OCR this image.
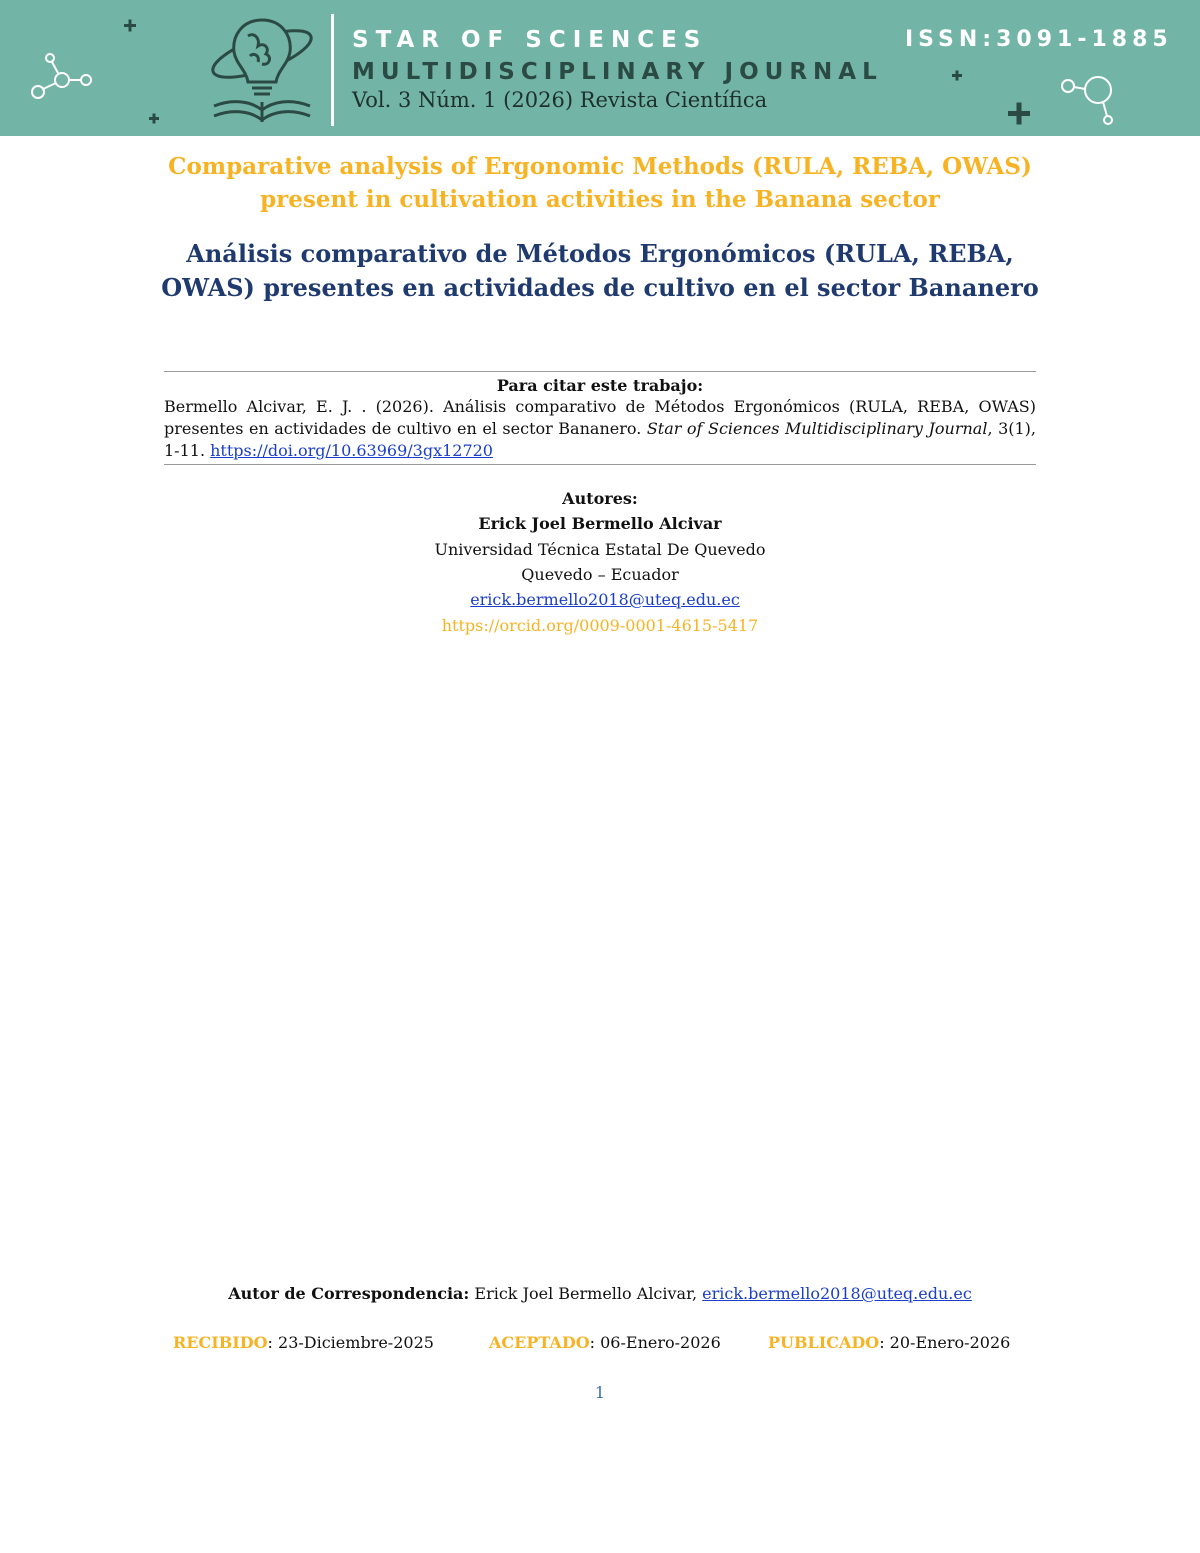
STAR OF SCIENCES
MULTIDISCIPLINARY JOURNAL
Vol. 3 Núm. 1 (2026) Revista Científica
ISSN:3091-1885
Comparative analysis of Ergonomic Methods (RULA, REBA, OWAS) present in cultivation activities in the Banana sector
Análisis comparativo de Métodos Ergonómicos (RULA, REBA, OWAS) presentes en actividades de cultivo en el sector Bananero
Para citar este trabajo:
Bermello Alcivar, E. J. . (2026). Análisis comparativo de Métodos Ergonómicos (RULA, REBA, OWAS) presentes en actividades de cultivo en el sector Bananero. Star of Sciences Multidisciplinary Journal, 3(1), 1-11. https://doi.org/10.63969/3gx12720
Autores:
Erick Joel Bermello Alcivar
Universidad Técnica Estatal De Quevedo
Quevedo – Ecuador
erick.bermello2018@uteq.edu.ec
https://orcid.org/0009-0001-4615-5417
Autor de Correspondencia: Erick Joel Bermello Alcivar, erick.bermello2018@uteq.edu.ec
RECIBIDO: 23-Diciembre-2025	ACEPTADO: 06-Enero-2026	PUBLICADO: 20-Enero-2026
1
